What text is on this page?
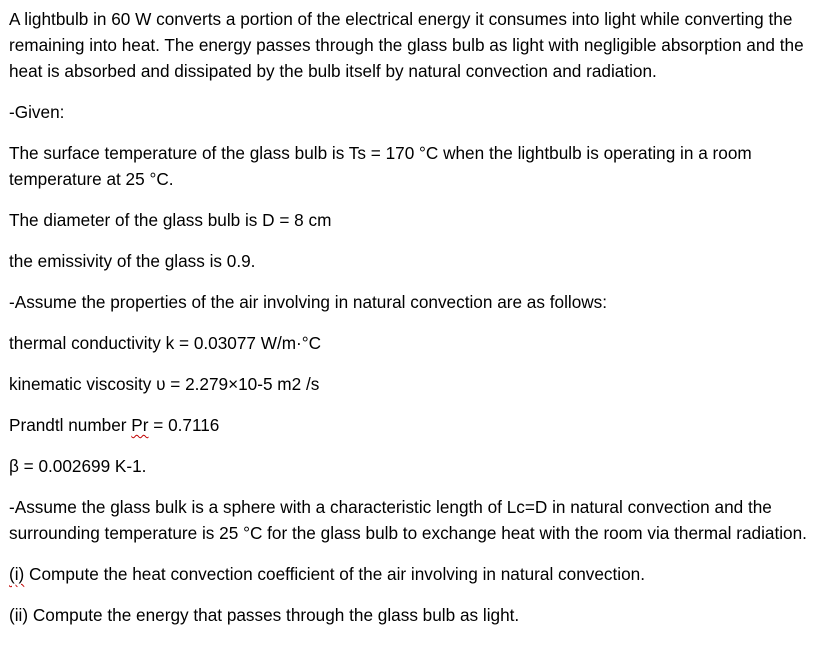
A lightbulb in 60 W converts a portion of the electrical energy it consumes into light while converting the remaining into heat. The energy passes through the glass bulb as light with negligible absorption and the heat is absorbed and dissipated by the bulb itself by natural convection and radiation.

-Given:

The surface temperature of the glass bulb is Ts = 170 °C when the lightbulb is operating in a room temperature at 25 °C.

The diameter of the glass bulb is D = 8 cm

the emissivity of the glass is 0.9.

-Assume the properties of the air involving in natural convection are as follows:

thermal conductivity k = 0.03077 W/m·°C

kinematic viscosity υ = 2.279×10-5 m2 /s

Prandtl number Pr = 0.7116

β = 0.002699 K-1.

-Assume the glass bulk is a sphere with a characteristic length of Lc=D in natural convection and the surrounding temperature is 25 °C for the glass bulb to exchange heat with the room via thermal radiation.

(i) Compute the heat convection coefficient of the air involving in natural convection.

(ii) Compute the energy that passes through the glass bulb as light.
